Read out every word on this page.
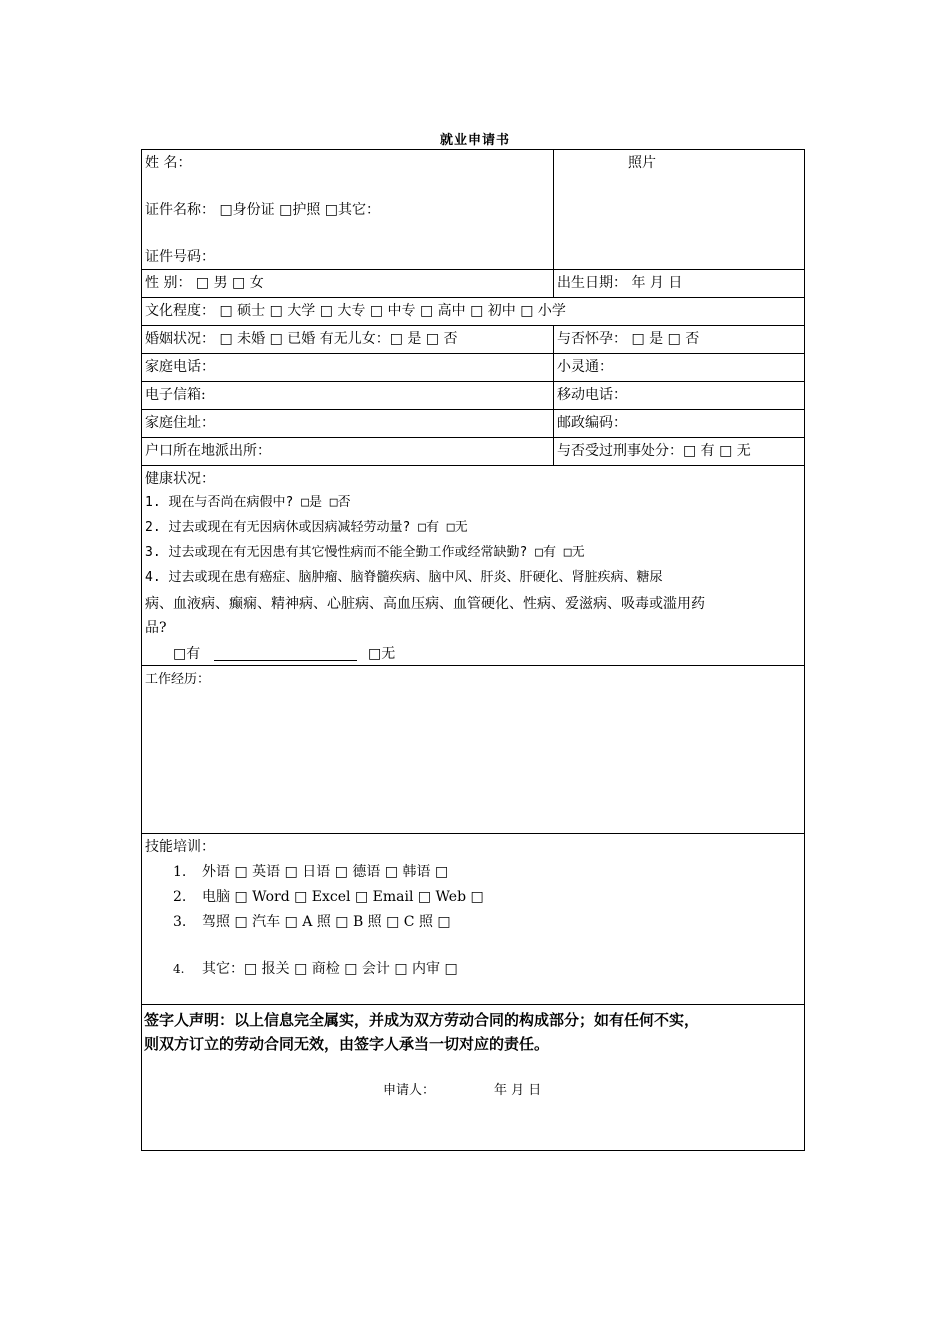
就业申请书
姓 名：	照片
证件名称： □身份证 □护照 □其它：
证件号码：
性 别： □ 男 □ 女	出生日期： 年 月 日
文化程度： □ 硕士 □ 大学 □ 大专 □ 中专 □ 高中 □ 初中 □ 小学
婚姻状况： □ 未婚 □ 已婚 有无儿女：□ 是 □ 否	与否怀孕： □ 是 □ 否
家庭电话：	小灵通：
电子信箱:	移动电话：
家庭住址：	邮政编码：
户口所在地派出所：	与否受过刑事处分：□ 有 □ 无
健康状况：
1. 现在与否尚在病假中? □是 □否
2. 过去或现在有无因病休或因病减轻劳动量? □有 □无
3. 过去或现在有无因患有其它慢性病而不能全勤工作或经常缺勤? □有 □无
4. 过去或现在患有癌症、脑肿瘤、脑脊髓疾病、脑中风、肝炎、肝硬化、肾脏疾病、糖尿
病、血液病、癫痫、精神病、心脏病、高血压病、血管硬化、性病、爱滋病、吸毒或滥用药
品?
□有	□无
工作经历：
技能培训：
1. 外语 □ 英语 □ 日语 □ 德语 □ 韩语 □
2. 电脑 □ Word □ Excel □ Email □ Web □
3. 驾照 □ 汽车 □ A 照 □ B 照 □ C 照 □
4. 其它：□ 报关 □ 商检 □ 会计 □ 内审 □
签字人声明：以上信息完全属实，并成为双方劳动合同的构成部分；如有任何不实，
则双方订立的劳动合同无效，由签字人承当一切对应的责任。
申请人：	年 月 日
